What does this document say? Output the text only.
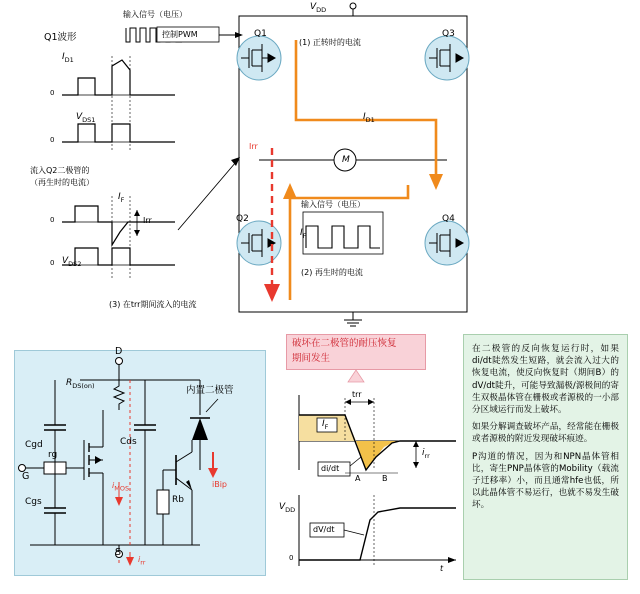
Q1波形
输入信号（电压）
控制PWM
$I_{D1}$
0
$V_{DS1}$
0
流入Q2二极管的
（再生时的电流）
$I_F$
0	Irr
$V_{DS2}$
0
(3) 在trr期间流入的电流
$V_{DD}$
Q1	Q3
Q2	Q4
M
(1) 正转时的电流
(2) 再生时的电流
$I_{D1}$
$I_F$
Irr
输入信号（电压）
D
S
G
$R_{DS(on)}$
Cgd
Cgs
rg
Cds
Rb
$i_{MOS}$	iBip
$i_{rr}$
内置二极管
破坏在二极管的耐压恢复
期间发生
trr
$I_F$
$i_{rr}$
di/dt
A	B
$V_{DD}$
dV/dt
0
t
在二极管的反向恢复运行时，如果di/dt陡然发生短路，就会流入过大的恢复电流，使反向恢复时（期间B）的dV/dt陡升，可能导致漏极/源极间的寄生双极晶体管在栅极或者源极的一小部分区域运行而发上破坏。
如果分解调查破坏产品，经常能在栅极或者源极的附近发现破坏痕迹。
P沟道的情况，因为和NPN晶体管相比，寄生PNP晶体管的Mobility（载流子迁移率）小，而且通常hfe也低，所以此晶体管不易运行，也就不易发生破坏。
